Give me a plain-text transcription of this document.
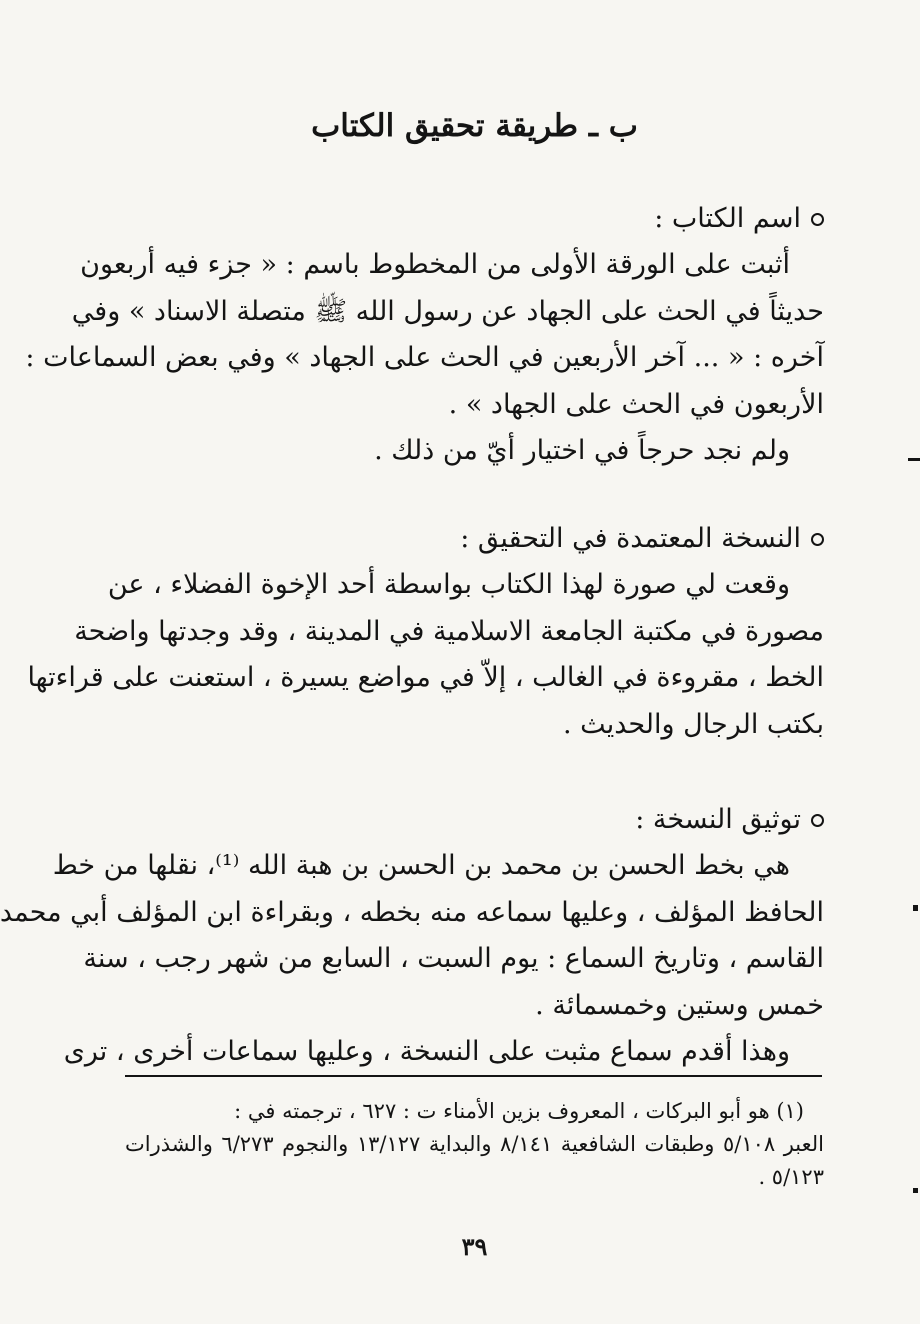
ب ـ طريقة تحقيق الكتاب
اسم الكتاب :
أثبت على الورقة الأولى من المخطوط باسم : « جزء فيه أربعون
حديثاً في الحث على الجهاد عن رسول الله ﷺ متصلة الاسناد » وفي
آخره : « ... آخر الأربعين في الحث على الجهاد » وفي بعض السماعات :
الأربعون في الحث على الجهاد » .
ولم نجد حرجاً في اختيار أيّ من ذلك .
النسخة المعتمدة في التحقيق :
وقعت لي صورة لهذا الكتاب بواسطة أحد الإخوة الفضلاء ، عن
مصورة في مكتبة الجامعة الاسلامية في المدينة ، وقد وجدتها واضحة
الخط ، مقروءة في الغالب ، إلاّ في مواضع يسيرة ، استعنت على قراءتها
بكتب الرجال والحديث .
توثيق النسخة :
هي بخط الحسن بن محمد بن الحسن بن هبة الله ⁽¹⁾، نقلها من خط
الحافظ المؤلف ، وعليها سماعه منه بخطه ، وبقراءة ابن المؤلف أبي محمد
القاسم ، وتاريخ السماع : يوم السبت ، السابع من شهر رجب ، سنة
خمس وستين وخمسمائة .
وهذا أقدم سماع مثبت على النسخة ، وعليها سماعات أخرى ، ترى
(١) هو أبو البركات ، المعروف بزين الأمناء ت : ٦٢٧ ، ترجمته في :
العبر ٥/١٠٨ وطبقات الشافعية ٨/١٤١ والبداية ١٣/١٢٧ والنجوم ٦/٢٧٣ والشذرات
٥/١٢٣ .
٣٩
